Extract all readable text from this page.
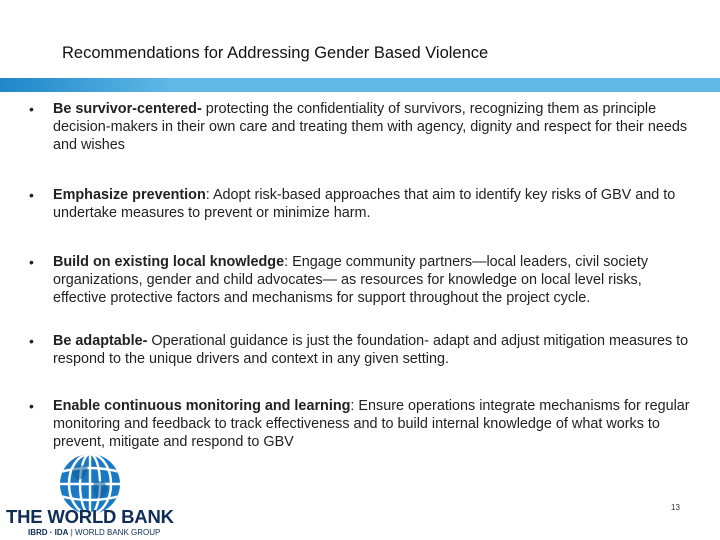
Recommendations for Addressing Gender Based Violence
• Be survivor-centered- protecting the confidentiality of survivors, recognizing them as principle decision-makers in their own care and treating them with agency, dignity and respect for their needs and wishes
• Emphasize prevention: Adopt risk-based approaches that aim to identify key risks of GBV and to undertake measures to prevent or minimize harm.
• Build on existing local knowledge: Engage community partners—local leaders, civil society organizations, gender and child advocates— as resources for knowledge on local level risks, effective protective factors and mechanisms for support throughout the project cycle.
• Be adaptable- Operational guidance is just the foundation- adapt and adjust mitigation measures to respond to the unique drivers and context in any given setting.
• Enable continuous monitoring and learning: Ensure operations integrate mechanisms for regular monitoring and feedback to track effectiveness and to build internal knowledge of what works to prevent, mitigate and respond to GBV
THE WORLD BANK
IBRD · IDA | WORLD BANK GROUP
13
